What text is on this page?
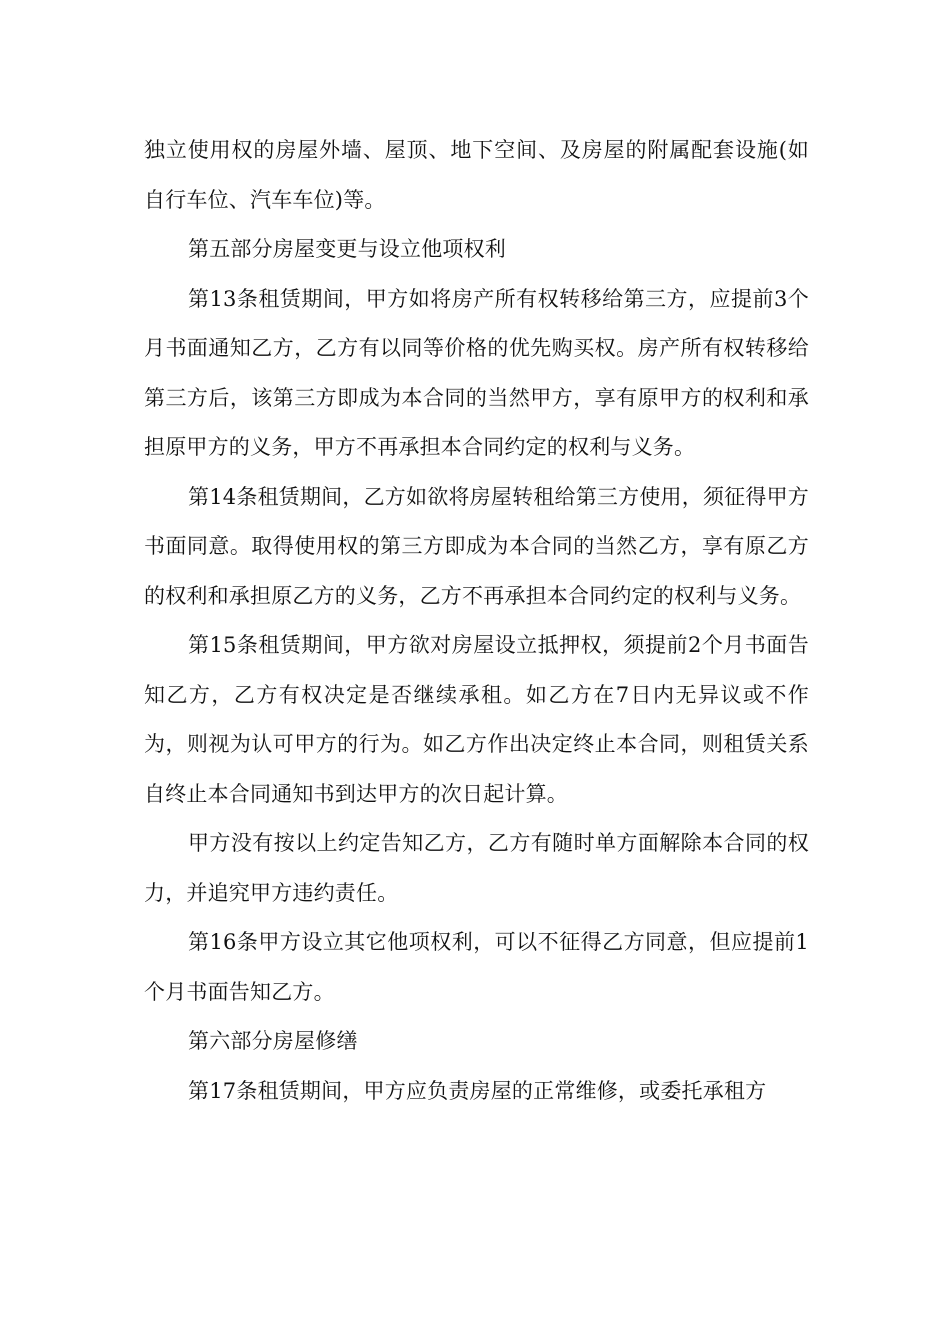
独立使用权的房屋外墙、屋顶、地下空间、及房屋的附属配套设施(如自行车位、汽车车位)等。

第五部分房屋变更与设立他项权利

第13条租赁期间，甲方如将房产所有权转移给第三方，应提前3个月书面通知乙方，乙方有以同等价格的优先购买权。房产所有权转移给第三方后，该第三方即成为本合同的当然甲方，享有原甲方的权利和承担原甲方的义务，甲方不再承担本合同约定的权利与义务。

第14条租赁期间，乙方如欲将房屋转租给第三方使用，须征得甲方书面同意。取得使用权的第三方即成为本合同的当然乙方，享有原乙方的权利和承担原乙方的义务，乙方不再承担本合同约定的权利与义务。

第15条租赁期间，甲方欲对房屋设立抵押权，须提前2个月书面告知乙方，乙方有权决定是否继续承租。如乙方在7日内无异议或不作为，则视为认可甲方的行为。如乙方作出决定终止本合同，则租赁关系自终止本合同通知书到达甲方的次日起计算。

甲方没有按以上约定告知乙方，乙方有随时单方面解除本合同的权力，并追究甲方违约责任。

第16条甲方设立其它他项权利，可以不征得乙方同意，但应提前1个月书面告知乙方。

第六部分房屋修缮

第17条租赁期间，甲方应负责房屋的正常维修，或委托承租方
